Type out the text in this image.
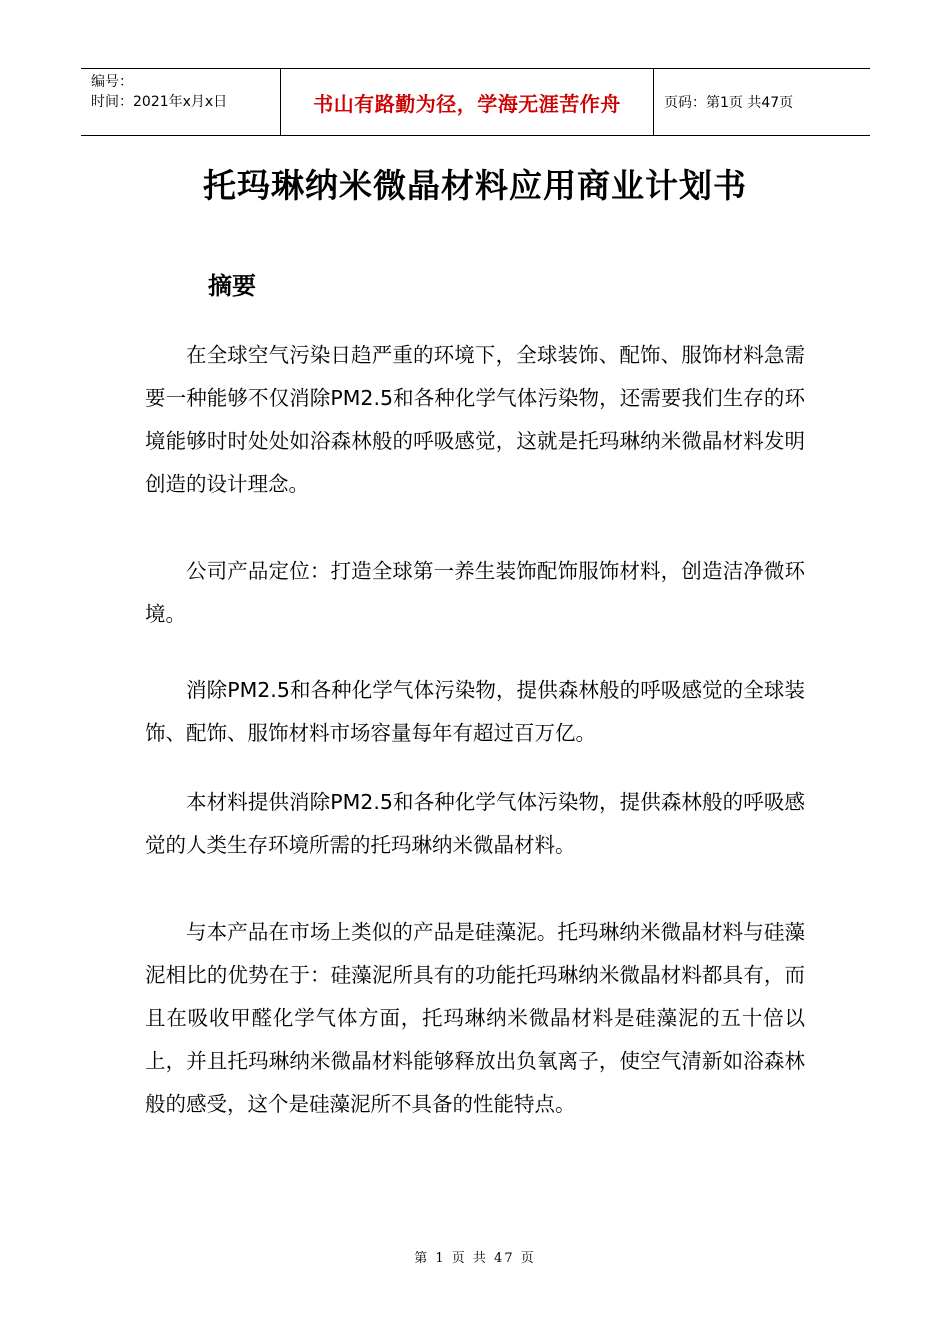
编号：
时间：2021年x月x日	书山有路勤为径，学海无涯苦作舟	页码：第1页 共47页
托玛琳纳米微晶材料应用商业计划书
摘要

在全球空气污染日趋严重的环境下，全球装饰、配饰、服饰材料急需要一种能够不仅消除PM2.5和各种化学气体污染物，还需要我们生存的环境能够时时处处如浴森林般的呼吸感觉，这就是托玛琳纳米微晶材料发明创造的设计理念。

公司产品定位：打造全球第一养生装饰配饰服饰材料，创造洁净微环境。

消除PM2.5和各种化学气体污染物，提供森林般的呼吸感觉的全球装饰、配饰、服饰材料市场容量每年有超过百万亿。

本材料提供消除PM2.5和各种化学气体污染物，提供森林般的呼吸感觉的人类生存环境所需的托玛琳纳米微晶材料。

与本产品在市场上类似的产品是硅藻泥。托玛琳纳米微晶材料与硅藻泥相比的优势在于：硅藻泥所具有的功能托玛琳纳米微晶材料都具有，而且在吸收甲醛化学气体方面，托玛琳纳米微晶材料是硅藻泥的五十倍以上，并且托玛琳纳米微晶材料能够释放出负氧离子，使空气清新如浴森林般的感受，这个是硅藻泥所不具备的性能特点。

第 1 页 共 47 页
